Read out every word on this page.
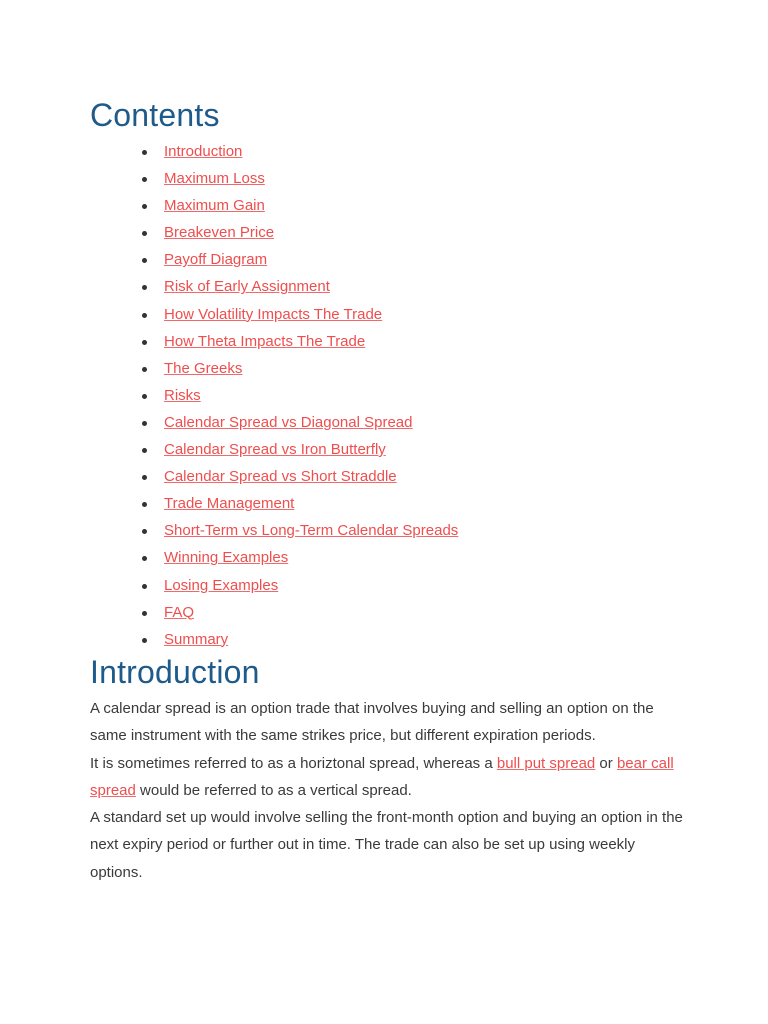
Contents
Introduction
Maximum Loss
Maximum Gain
Breakeven Price
Payoff Diagram
Risk of Early Assignment
How Volatility Impacts The Trade
How Theta Impacts The Trade
The Greeks
Risks
Calendar Spread vs Diagonal Spread
Calendar Spread vs Iron Butterfly
Calendar Spread vs Short Straddle
Trade Management
Short-Term vs Long-Term Calendar Spreads
Winning Examples
Losing Examples
FAQ
Summary
Introduction

A calendar spread is an option trade that involves buying and selling an option on the same instrument with the same strikes price, but different expiration periods.

It is sometimes referred to as a horiztonal spread, whereas a bull put spread or bear call spread would be referred to as a vertical spread.

A standard set up would involve selling the front-month option and buying an option in the next expiry period or further out in time. The trade can also be set up using weekly options.
